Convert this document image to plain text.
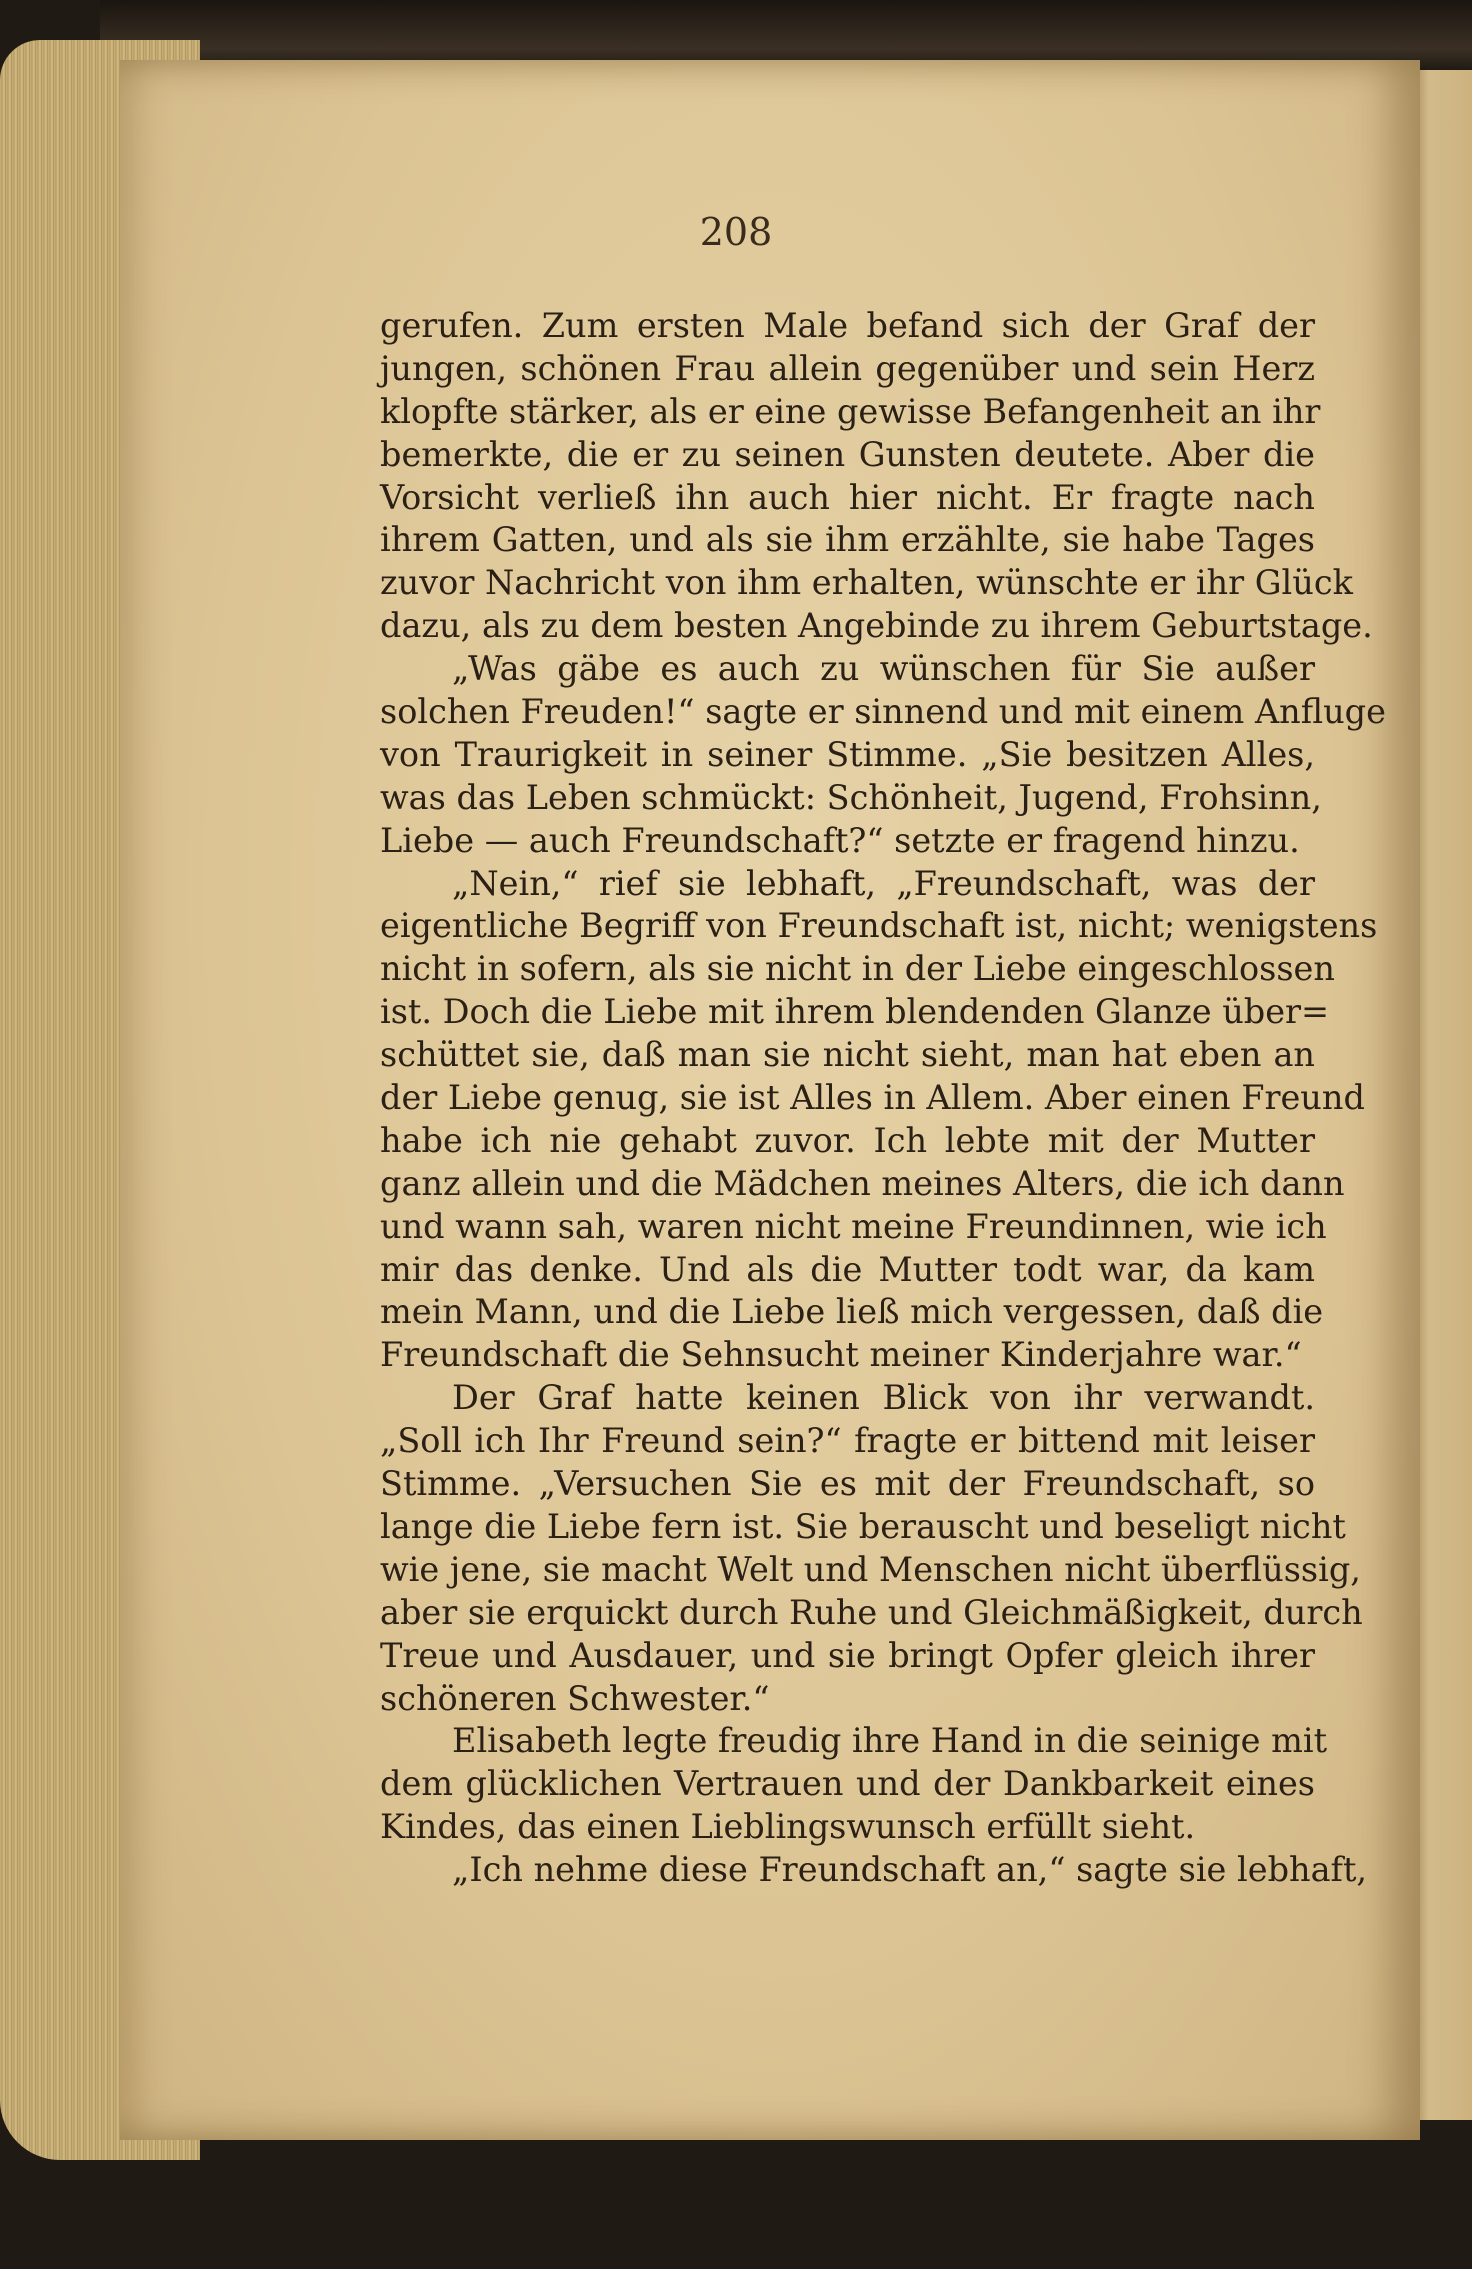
208
gerufen. Zum ersten Male befand sich der Graf der
jungen, schönen Frau allein gegenüber und sein Herz
klopfte stärker, als er eine gewisse Befangenheit an ihr
bemerkte, die er zu seinen Gunsten deutete. Aber die
Vorsicht verließ ihn auch hier nicht. Er fragte nach
ihrem Gatten, und als sie ihm erzählte, sie habe Tages
zuvor Nachricht von ihm erhalten, wünschte er ihr Glück
dazu, als zu dem besten Angebinde zu ihrem Geburtstage.
„Was gäbe es auch zu wünschen für Sie außer
solchen Freuden!“ sagte er sinnend und mit einem Anfluge
von Traurigkeit in seiner Stimme. „Sie besitzen Alles,
was das Leben schmückt: Schönheit, Jugend, Frohsinn,
Liebe — auch Freundschaft?“ setzte er fragend hinzu.
„Nein,“ rief sie lebhaft, „Freundschaft, was der
eigentliche Begriff von Freundschaft ist, nicht; wenigstens
nicht in sofern, als sie nicht in der Liebe eingeschlossen
ist. Doch die Liebe mit ihrem blendenden Glanze über=
schüttet sie, daß man sie nicht sieht, man hat eben an
der Liebe genug, sie ist Alles in Allem. Aber einen Freund
habe ich nie gehabt zuvor. Ich lebte mit der Mutter
ganz allein und die Mädchen meines Alters, die ich dann
und wann sah, waren nicht meine Freundinnen, wie ich
mir das denke. Und als die Mutter todt war, da kam
mein Mann, und die Liebe ließ mich vergessen, daß die
Freundschaft die Sehnsucht meiner Kinderjahre war.“
Der Graf hatte keinen Blick von ihr verwandt.
„Soll ich Ihr Freund sein?“ fragte er bittend mit leiser
Stimme. „Versuchen Sie es mit der Freundschaft, so
lange die Liebe fern ist. Sie berauscht und beseligt nicht
wie jene, sie macht Welt und Menschen nicht überflüssig,
aber sie erquickt durch Ruhe und Gleichmäßigkeit, durch
Treue und Ausdauer, und sie bringt Opfer gleich ihrer
schöneren Schwester.“
Elisabeth legte freudig ihre Hand in die seinige mit
dem glücklichen Vertrauen und der Dankbarkeit eines
Kindes, das einen Lieblingswunsch erfüllt sieht.
„Ich nehme diese Freundschaft an,“ sagte sie lebhaft,
